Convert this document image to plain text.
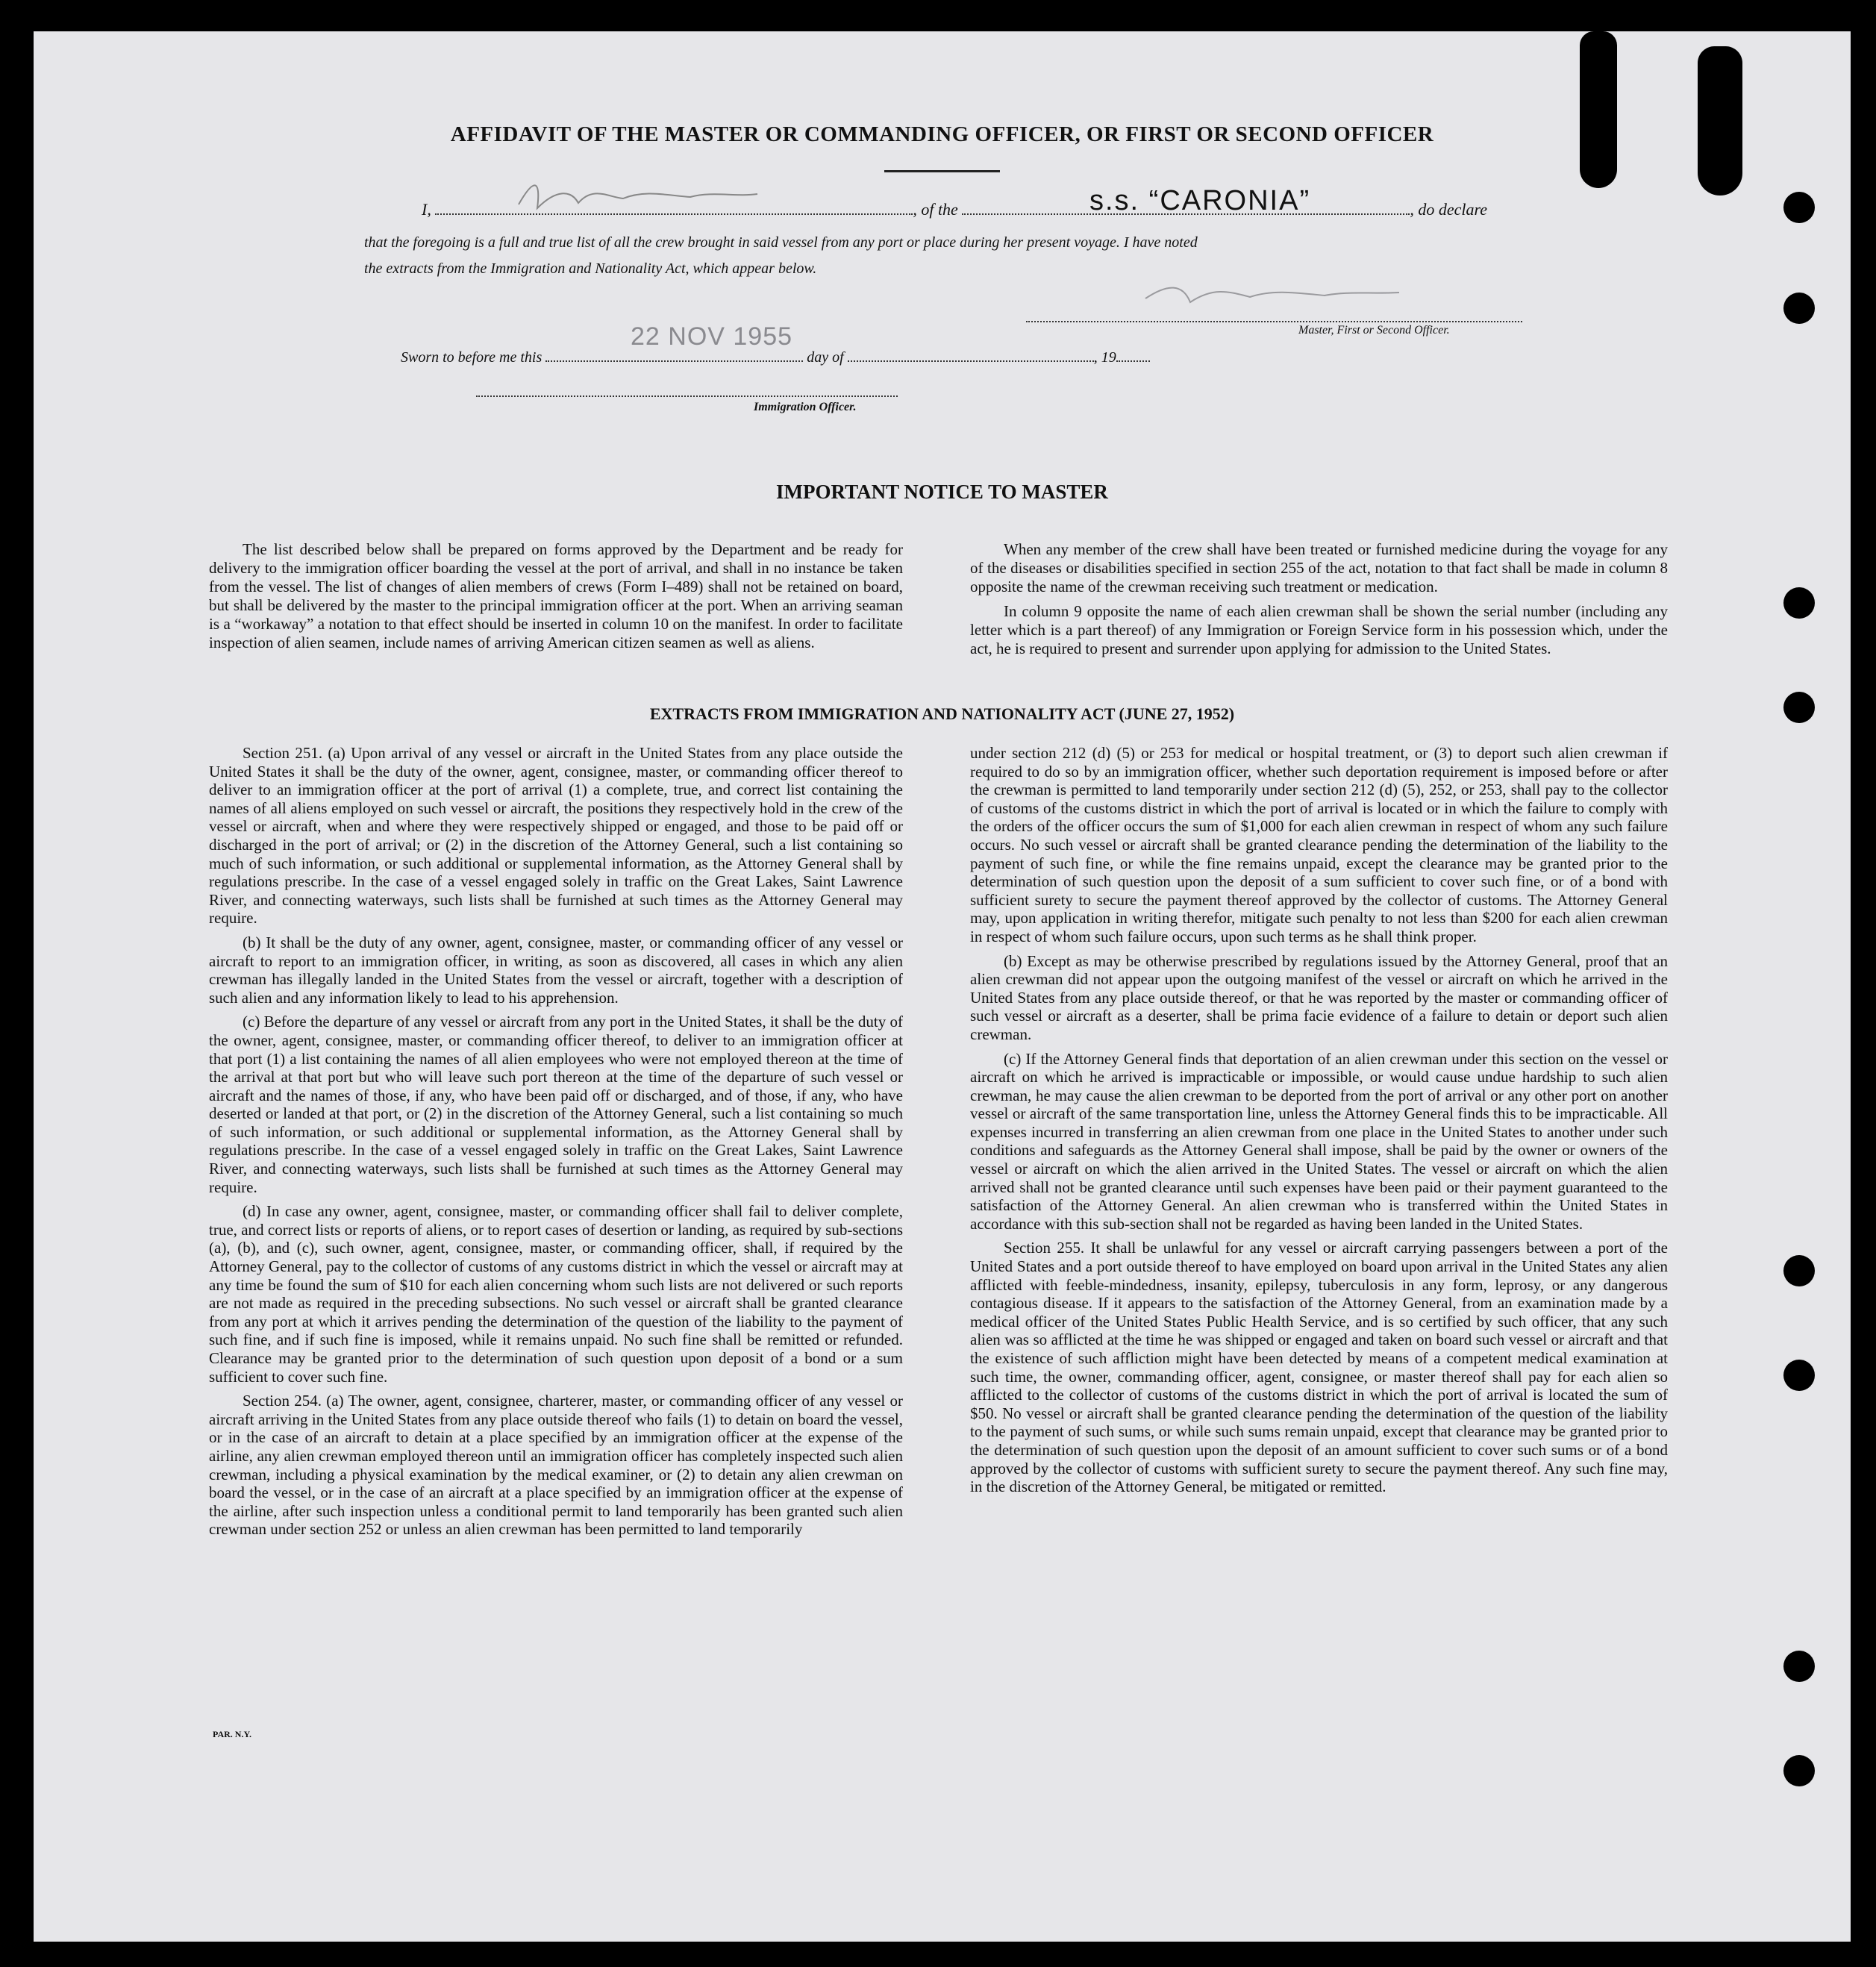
AFFIDAVIT OF THE MASTER OR COMMANDING OFFICER, OR FIRST OR SECOND OFFICER
I,	, of the	, do declare
s.s. “CARONIA”
that the foregoing is a full and true list of all the crew brought in said vessel from any port or place during her present voyage. I have noted
the extracts from the Immigration and Nationality Act, which appear below.
Master, First or Second Officer.
Sworn to before me this	day of	, 19
22 NOV 1955
Immigration Officer.
IMPORTANT NOTICE TO MASTER

The list described below shall be prepared on forms approved by the Department and be ready for delivery to the immigration officer boarding the vessel at the port of arrival, and shall in no instance be taken from the vessel. The list of changes of alien members of crews (Form I–489) shall not be retained on board, but shall be delivered by the master to the principal immigration officer at the port. When an arriving seaman is a “workaway” a notation to that effect should be inserted in column 10 on the manifest. In order to facilitate inspection of alien seamen, include names of arriving American citizen seamen as well as aliens.

When any member of the crew shall have been treated or furnished medicine during the voyage for any of the diseases or disabilities specified in section 255 of the act, notation to that fact shall be made in column 8 opposite the name of the crewman receiving such treatment or medication.

In column 9 opposite the name of each alien crewman shall be shown the serial number (including any letter which is a part thereof) of any Immigration or Foreign Service form in his possession which, under the act, he is required to present and surrender upon applying for admission to the United States.

EXTRACTS FROM IMMIGRATION AND NATIONALITY ACT (JUNE 27, 1952)

Section 251. (a) Upon arrival of any vessel or aircraft in the United States from any place outside the United States it shall be the duty of the owner, agent, consignee, master, or commanding officer thereof to deliver to an immigration officer at the port of arrival (1) a complete, true, and correct list containing the names of all aliens employed on such vessel or aircraft, the positions they respectively hold in the crew of the vessel or aircraft, when and where they were respectively shipped or engaged, and those to be paid off or discharged in the port of arrival; or (2) in the discretion of the Attorney General, such a list containing so much of such information, or such additional or supplemental information, as the Attorney General shall by regulations prescribe. In the case of a vessel engaged solely in traffic on the Great Lakes, Saint Lawrence River, and connecting waterways, such lists shall be furnished at such times as the Attorney General may require.

(b) It shall be the duty of any owner, agent, consignee, master, or commanding officer of any vessel or aircraft to report to an immigration officer, in writing, as soon as discovered, all cases in which any alien crewman has illegally landed in the United States from the vessel or aircraft, together with a description of such alien and any information likely to lead to his apprehension.

(c) Before the departure of any vessel or aircraft from any port in the United States, it shall be the duty of the owner, agent, consignee, master, or commanding officer thereof, to deliver to an immigration officer at that port (1) a list containing the names of all alien employees who were not employed thereon at the time of the arrival at that port but who will leave such port thereon at the time of the departure of such vessel or aircraft and the names of those, if any, who have been paid off or discharged, and of those, if any, who have deserted or landed at that port, or (2) in the discretion of the Attorney General, such a list containing so much of such information, or such additional or supplemental information, as the Attorney General shall by regulations prescribe. In the case of a vessel engaged solely in traffic on the Great Lakes, Saint Lawrence River, and connecting waterways, such lists shall be furnished at such times as the Attorney General may require.

(d) In case any owner, agent, consignee, master, or commanding officer shall fail to deliver complete, true, and correct lists or reports of aliens, or to report cases of desertion or landing, as required by sub-sections (a), (b), and (c), such owner, agent, consignee, master, or commanding officer, shall, if required by the Attorney General, pay to the collector of customs of any customs district in which the vessel or aircraft may at any time be found the sum of $10 for each alien concerning whom such lists are not delivered or such reports are not made as required in the preceding subsections. No such vessel or aircraft shall be granted clearance from any port at which it arrives pending the determination of the question of the liability to the payment of such fine, and if such fine is imposed, while it remains unpaid. No such fine shall be remitted or refunded. Clearance may be granted prior to the determination of such question upon deposit of a bond or a sum sufficient to cover such fine.

Section 254. (a) The owner, agent, consignee, charterer, master, or commanding officer of any vessel or aircraft arriving in the United States from any place outside thereof who fails (1) to detain on board the vessel, or in the case of an aircraft to detain at a place specified by an immigration officer at the expense of the airline, any alien crewman employed thereon until an immigration officer has completely inspected such alien crewman, including a physical examination by the medical examiner, or (2) to detain any alien crewman on board the vessel, or in the case of an aircraft at a place specified by an immigration officer at the expense of the airline, after such inspection unless a conditional permit to land temporarily has been granted such alien crewman under section 252 or unless an alien crewman has been permitted to land temporarily

under section 212 (d) (5) or 253 for medical or hospital treatment, or (3) to deport such alien crewman if required to do so by an immigration officer, whether such deportation requirement is imposed before or after the crewman is permitted to land temporarily under section 212 (d) (5), 252, or 253, shall pay to the collector of customs of the customs district in which the port of arrival is located or in which the failure to comply with the orders of the officer occurs the sum of $1,000 for each alien crewman in respect of whom any such failure occurs. No such vessel or aircraft shall be granted clearance pending the determination of the liability to the payment of such fine, or while the fine remains unpaid, except the clearance may be granted prior to the determination of such question upon the deposit of a sum sufficient to cover such fine, or of a bond with sufficient surety to secure the payment thereof approved by the collector of customs. The Attorney General may, upon application in writing therefor, mitigate such penalty to not less than $200 for each alien crewman in respect of whom such failure occurs, upon such terms as he shall think proper.

(b) Except as may be otherwise prescribed by regulations issued by the Attorney General, proof that an alien crewman did not appear upon the outgoing manifest of the vessel or aircraft on which he arrived in the United States from any place outside thereof, or that he was reported by the master or commanding officer of such vessel or aircraft as a deserter, shall be prima facie evidence of a failure to detain or deport such alien crewman.

(c) If the Attorney General finds that deportation of an alien crewman under this section on the vessel or aircraft on which he arrived is impracticable or impossible, or would cause undue hardship to such alien crewman, he may cause the alien crewman to be deported from the port of arrival or any other port on another vessel or aircraft of the same transportation line, unless the Attorney General finds this to be impracticable. All expenses incurred in transferring an alien crewman from one place in the United States to another under such conditions and safeguards as the Attorney General shall impose, shall be paid by the owner or owners of the vessel or aircraft on which the alien arrived in the United States. The vessel or aircraft on which the alien arrived shall not be granted clearance until such expenses have been paid or their payment guaranteed to the satisfaction of the Attorney General. An alien crewman who is transferred within the United States in accordance with this sub-section shall not be regarded as having been landed in the United States.

Section 255. It shall be unlawful for any vessel or aircraft carrying passengers between a port of the United States and a port outside thereof to have employed on board upon arrival in the United States any alien afflicted with feeble-mindedness, insanity, epilepsy, tuberculosis in any form, leprosy, or any dangerous contagious disease. If it appears to the satisfaction of the Attorney General, from an examination made by a medical officer of the United States Public Health Service, and is so certified by such officer, that any such alien was so afflicted at the time he was shipped or engaged and taken on board such vessel or aircraft and that the existence of such affliction might have been detected by means of a competent medical examination at such time, the owner, commanding officer, agent, consignee, or master thereof shall pay for each alien so afflicted to the collector of customs of the customs district in which the port of arrival is located the sum of $50. No vessel or aircraft shall be granted clearance pending the determination of the question of the liability to the payment of such sums, or while such sums remain unpaid, except that clearance may be granted prior to the determination of such question upon the deposit of an amount sufficient to cover such sums or of a bond approved by the collector of customs with sufficient surety to secure the payment thereof. Any such fine may, in the discretion of the Attorney General, be mitigated or remitted.

PAR. N.Y.
